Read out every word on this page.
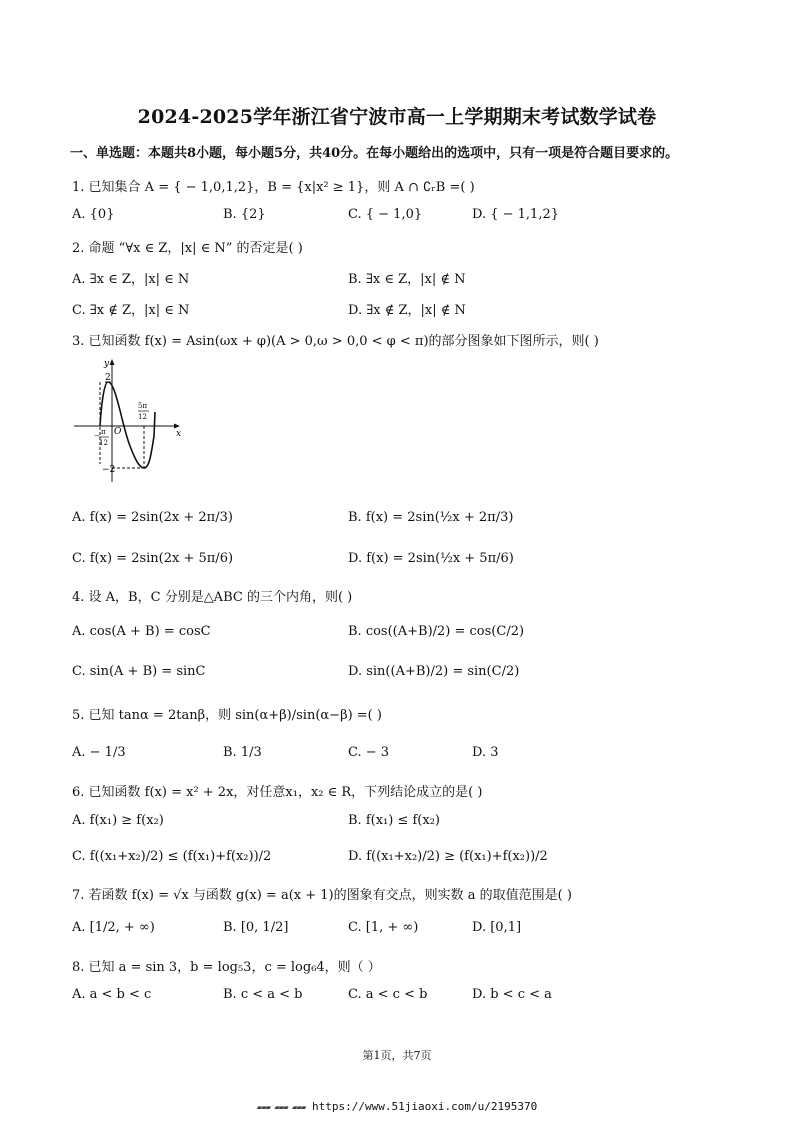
2024-2025学年浙江省宁波市高一上学期期末考试数学试卷
一、单选题：本题共8小题，每小题5分，共40分。在每小题给出的选项中，只有一项是符合题目要求的。
1. 已知集合 A = { − 1,0,1,2}，B = {x|x² ≥ 1}，则 A ∩ ∁ᵣB =( )
A. {0}	B. {2}	C. { − 1,0}	D. { − 1,1,2}
2. 命题 “∀x ∈ Z，|x| ∈ N” 的否定是( )
A. ∃x ∈ Z，|x| ∈ N	B. ∃x ∈ Z，|x| ∉ N
C. ∃x ∉ Z，|x| ∈ N	D. ∃x ∉ Z，|x| ∉ N
3. 已知函数 f(x) = Asin(ωx + φ)(A > 0,ω > 0,0 < φ < π)的部分图象如下图所示，则( )
y
x
O
2
−2
5π
12
− π
12
A. f(x) = 2sin(2x + 2π/3)	B. f(x) = 2sin(½x + 2π/3)
C. f(x) = 2sin(2x + 5π/6)	D. f(x) = 2sin(½x + 5π/6)
4. 设 A，B，C 分别是△ABC 的三个内角，则( )
A. cos(A + B) = cosC	B. cos((A+B)/2) = cos(C/2)
C. sin(A + B) = sinC	D. sin((A+B)/2) = sin(C/2)
5. 已知 tanα = 2tanβ，则 sin(α+β)/sin(α−β) =( )
A. − 1/3	B. 1/3	C. − 3	D. 3
6. 已知函数 f(x) = x² + 2x，对任意x₁，x₂ ∈ R，下列结论成立的是( )
A. f(x₁) ≥ f(x₂)	B. f(x₁) ≤ f(x₂)
C. f((x₁+x₂)/2) ≤ (f(x₁)+f(x₂))/2	D. f((x₁+x₂)/2) ≥ (f(x₁)+f(x₂))/2
7. 若函数 f(x) = √x 与函数 g(x) = a(x + 1)的图象有交点，则实数 a 的取值范围是( )
A. [1/2, + ∞)	B. [0, 1/2]	C. [1, + ∞)	D. [0,1]
8. 已知 a = sin 3，b = log₅3，c = log₆4，则（ ）
A. a < b < c	B. c < a < b	C. a < c < b	D. b < c < a
第1页，共7页
▰▰▰ ▰▰▰ ▰▰▰ https://www.51jiaoxi.com/u/2195370
